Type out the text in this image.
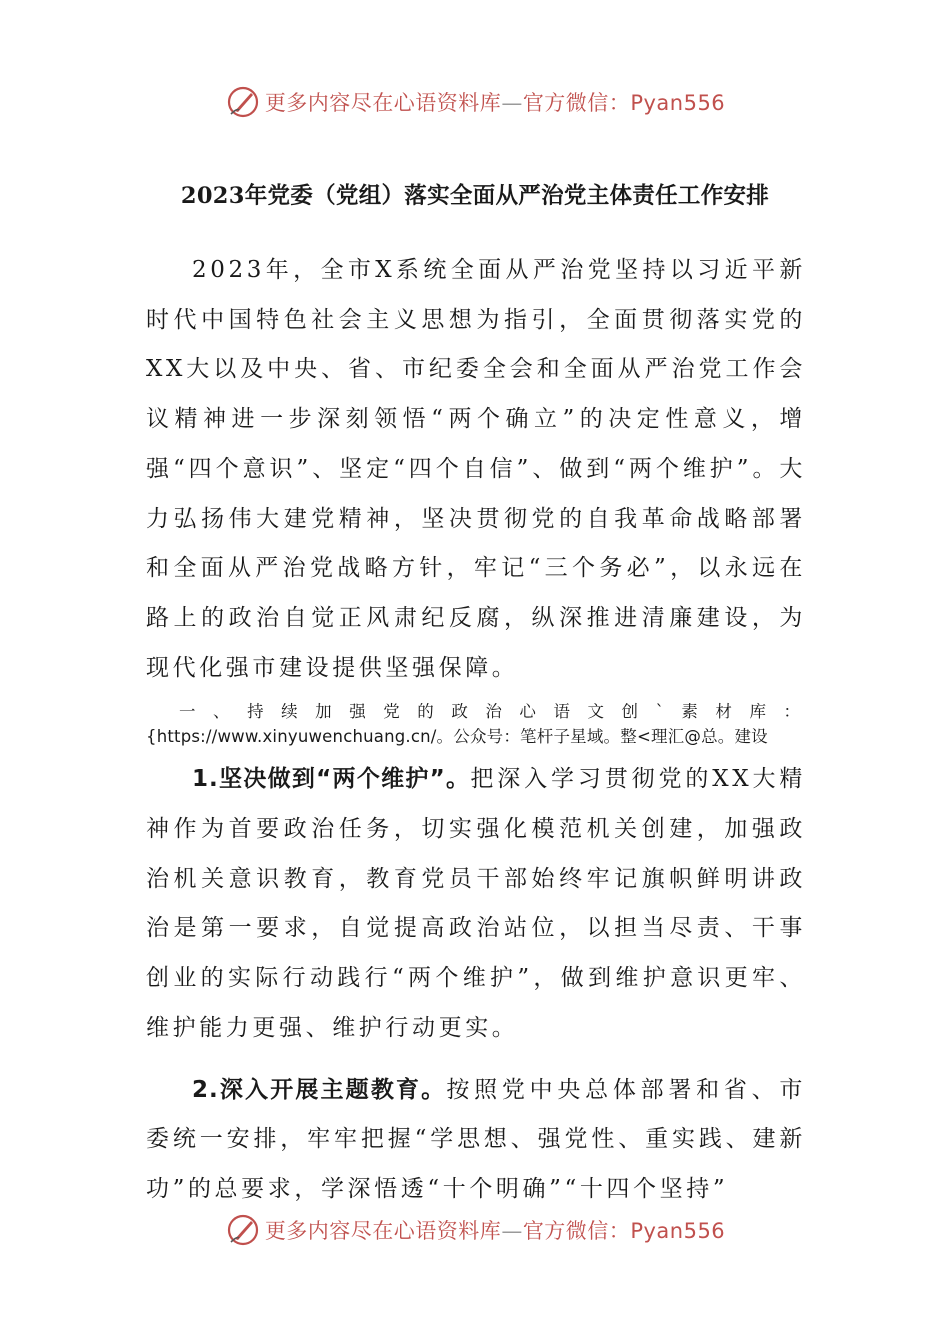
更多内容尽在心语资料库—官方微信：Pyan556
2023年党委（党组）落实全面从严治党主体责任工作安排

2023年，全市X系统全面从严治党坚持以习近平新时代中国特色社会主义思想为指引，全面贯彻落实党的XX大以及中央、省、市纪委全会和全面从严治党工作会议精神进一步深刻领悟“两个确立”的决定性意义，增强“四个意识”、坚定“四个自信”、做到“两个维护”。大力弘扬伟大建党精神，坚决贯彻党的自我革命战略部署和全面从严治党战略方针，牢记“三个务必”，以永远在路上的政治自觉正风肃纪反腐，纵深推进清廉建设，为现代化强市建设提供坚强保障。

一、持续加强党的政治心语文创`素材库：{https://www.xinyuwenchuang.cn/。公众号：笔杆子星域。整<理汇@总。建设

1.坚决做到“两个维护”。把深入学习贯彻党的XX大精神作为首要政治任务，切实强化模范机关创建，加强政治机关意识教育，教育党员干部始终牢记旗帜鲜明讲政治是第一要求，自觉提高政治站位，以担当尽责、干事创业的实际行动践行“两个维护”，做到维护意识更牢、维护能力更强、维护行动更实。

2.深入开展主题教育。按照党中央总体部署和省、市委统一安排，牢牢把握“学思想、强党性、重实践、建新功”的总要求，学深悟透“十个明确”“十四个坚持”

更多内容尽在心语资料库—官方微信：Pyan556
